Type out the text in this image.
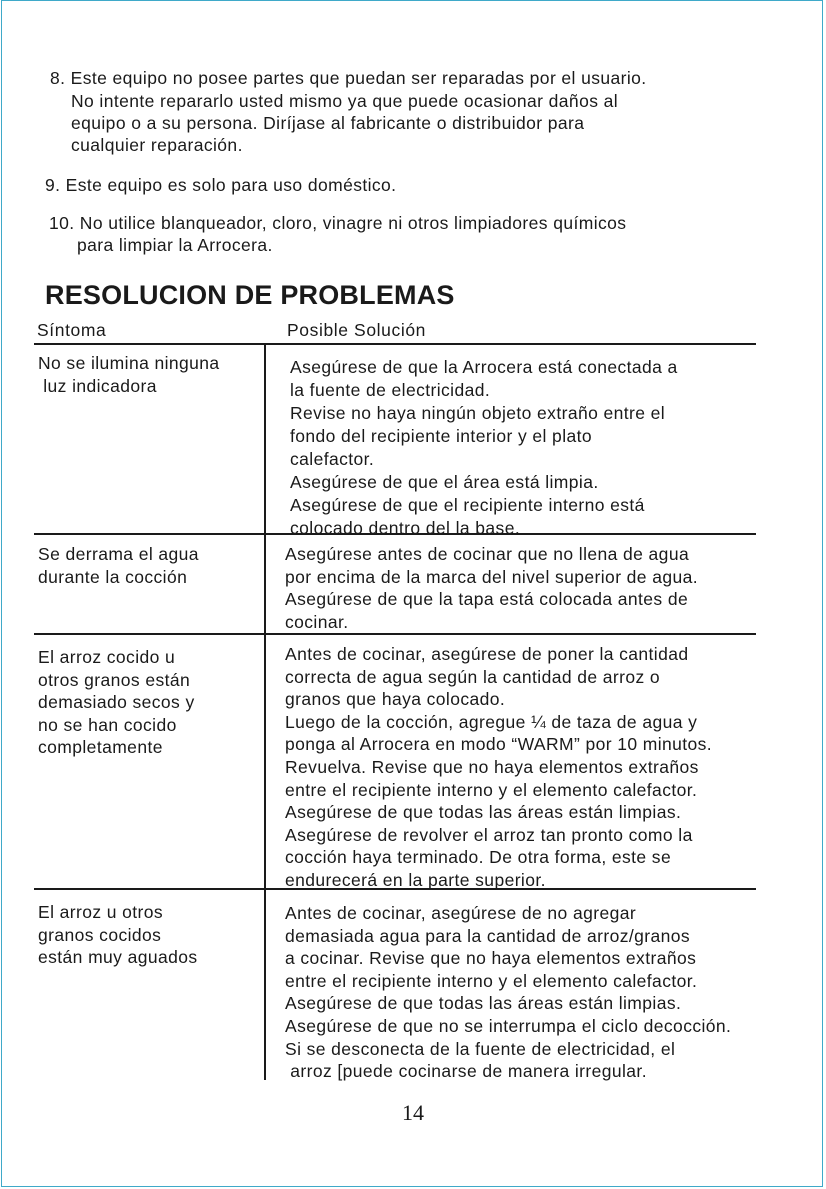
8. Este equipo no posee partes que puedan ser reparadas por el usuario.
No intente repararlo usted mismo ya que puede ocasionar daños al
equipo o a su persona. Diríjase al fabricante o distribuidor para
cualquier reparación.
9. Este equipo es solo para uso doméstico.
10. No utilice blanqueador, cloro, vinagre ni otros limpiadores químicos
para limpiar la Arrocera.
RESOLUCION DE PROBLEMAS
Síntoma	Posible Solución
No se ilumina ninguna
luz indicadora
Asegúrese de que la Arrocera está conectada a
la fuente de electricidad.
Revise no haya ningún objeto extraño entre el
fondo del recipiente interior y el plato
calefactor.
Asegúrese de que el área está limpia.
Asegúrese de que el recipiente interno está
colocado dentro del la base.
Se derrama el agua
durante la cocción
Asegúrese antes de cocinar que no llena de agua
por encima de la marca del nivel superior de agua.
Asegúrese de que la tapa está colocada antes de
cocinar.
El arroz cocido u
otros granos están
demasiado secos y
no se han cocido
completamente
Antes de cocinar, asegúrese de poner la cantidad
correcta de agua según la cantidad de arroz o
granos que haya colocado.
Luego de la cocción, agregue ¼ de taza de agua y
ponga al Arrocera en modo “WARM” por 10 minutos.
Revuelva. Revise que no haya elementos extraños
entre el recipiente interno y el elemento calefactor.
Asegúrese de que todas las áreas están limpias.
Asegúrese de revolver el arroz tan pronto como la
cocción haya terminado. De otra forma, este se
endurecerá en la parte superior.
El arroz u otros
granos cocidos
están muy aguados
Antes de cocinar, asegúrese de no agregar
demasiada agua para la cantidad de arroz/granos
a cocinar. Revise que no haya elementos extraños
entre el recipiente interno y el elemento calefactor.
Asegúrese de que todas las áreas están limpias.
Asegúrese de que no se interrumpa el ciclo decocción.
Si se desconecta de la fuente de electricidad, el
arroz [puede cocinarse de manera irregular.
14
